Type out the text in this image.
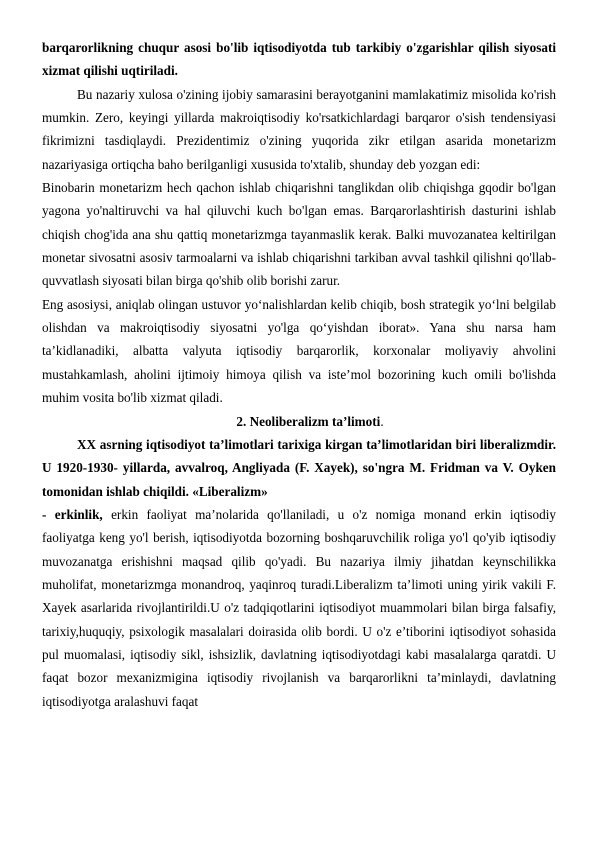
barqarorlikning chuqur asosi bo'lib iqtisodiyotda tub tarkibiy o'zgarishlar qilish siyosati xizmat qilishi uqtiriladi.

Bu nazariy xulosa o'zining ijobiy samarasini berayotganini mamlakatimiz misolida ko'rish mumkin. Zero, keyingi yillarda makroiqtisodiy ko'rsatkichlardagi barqaror o'sish tendensiyasi fikrimizni tasdiqlaydi. Prezidentimiz o'zining yuqorida zikr etilgan asarida monetarizm nazariyasiga ortiqcha baho berilganligi xususida to'xtalib, shunday deb yozgan edi:

Binobarin monetarizm hech qachon ishlab chiqarishni tanglikdan olib chiqishga gqodir bo'lgan yagona yo'naltiruvchi va hal qiluvchi kuch bo'lgan emas. Barqarorlashtirish dasturini ishlab chiqish chog'ida ana shu qattiq monetarizmga tayanmaslik kerak. Balki muvozanatea keltirilgan monetar sivosatni asosiv tarmoalarni va ishlab chiqarishni tarkiban avval tashkil qilishni qo'llab-quvvatlash siyosati bilan birga qo'shib olib borishi zarur.

Eng asosiysi, aniqlab olingan ustuvor yo‘nalishlardan kelib chiqib, bosh strategik yo‘lni belgilab olishdan va makroiqtisodiy siyosatni yo'lga qo‘yishdan iborat». Yana shu narsa ham ta’kidlanadiki, albatta valyuta iqtisodiy barqarorlik, korxonalar moliyaviy ahvolini mustahkamlash, aholini ijtimoiy himoya qilish va iste’mol bozorining kuch omili bo'lishda muhim vosita bo'lib xizmat qiladi.

2. Neoliberalizm ta’limoti.

XX asrning iqtisodiyot ta’limotlari tarixiga kirgan ta’limotlaridan biri liberalizmdir. U 1920-1930- yillarda, avvalroq, Angliyada (F. Xayek), so'ngra M. Fridman va V. Oyken tomonidan ishlab chiqildi. «Liberalizm»

- erkinlik, erkin faoliyat ma’nolarida qo'llaniladi, u o'z nomiga monand erkin iqtisodiy faoliyatga keng yo'l berish, iqtisodiyotda bozorning boshqaruvchilik roliga yo'l qo'yib iqtisodiy muvozanatga erishishni maqsad qilib qo'yadi. Bu nazariya ilmiy jihatdan keynschilikka muholifat, monetarizmga monandroq, yaqinroq turadi.Liberalizm ta’limoti uning yirik vakili F. Xayek asarlarida rivojlantirildi.U o'z tadqiqotlarini iqtisodiyot muammolari bilan birga falsafiy, tarixiy,huquqiy, psixologik masalalari doirasida olib bordi. U o'z e’tiborini iqtisodiyot sohasida pul muomalasi, iqtisodiy sikl, ishsizlik, davlatning iqtisodiyotdagi kabi masalalarga qaratdi. U faqat bozor mexanizmigina iqtisodiy rivojlanish va barqarorlikni ta’minlaydi, davlatning iqtisodiyotga aralashuvi faqat
